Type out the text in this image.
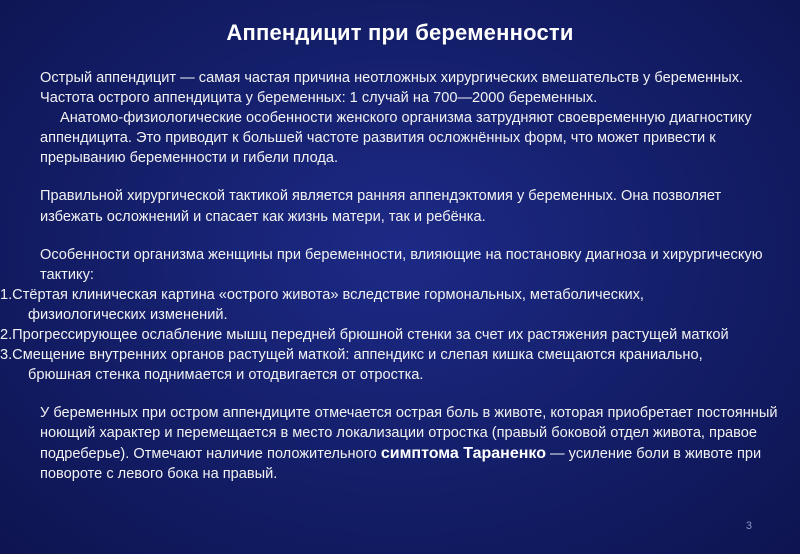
Аппендицит при беременности

Острый аппендицит — самая частая причина неотложных хирургических вмешательств у беременных. Частота острого аппендицита у беременных: 1 случай на 700—2000 беременных.

Анатомо-физиологические особенности женского организма затрудняют своевременную диагностику аппендицита. Это приводит к большей частоте развития осложнённых форм, что может привести к прерыванию беременности и гибели плода.

Правильной хирургической тактикой является ранняя аппендэктомия у беременных. Она позволяет избежать осложнений и спасает как жизнь матери, так и ребёнка.

Особенности организма женщины при беременности, влияющие на постановку диагноза и хирургическую тактику:

1.Стёртая клиническая картина «острого живота» вследствие гормональных, метаболических, физиологических изменений.
2.Прогрессирующее ослабление мышц передней брюшной стенки за счет их растяжения растущей маткой
3.Смещение внутренних органов растущей маткой: аппендикс и слепая кишка смещаются краниально, брюшная стенка поднимается и отодвигается от отростка.

У беременных при остром аппендиците отмечается острая боль в животе, которая приобретает постоянный ноющий характер и перемещается в место локализации отростка (правый боковой отдел живота, правое подреберье). Отмечают наличие положительного симптома Тараненко — усиление боли в животе при повороте с левого бока на правый.

3
